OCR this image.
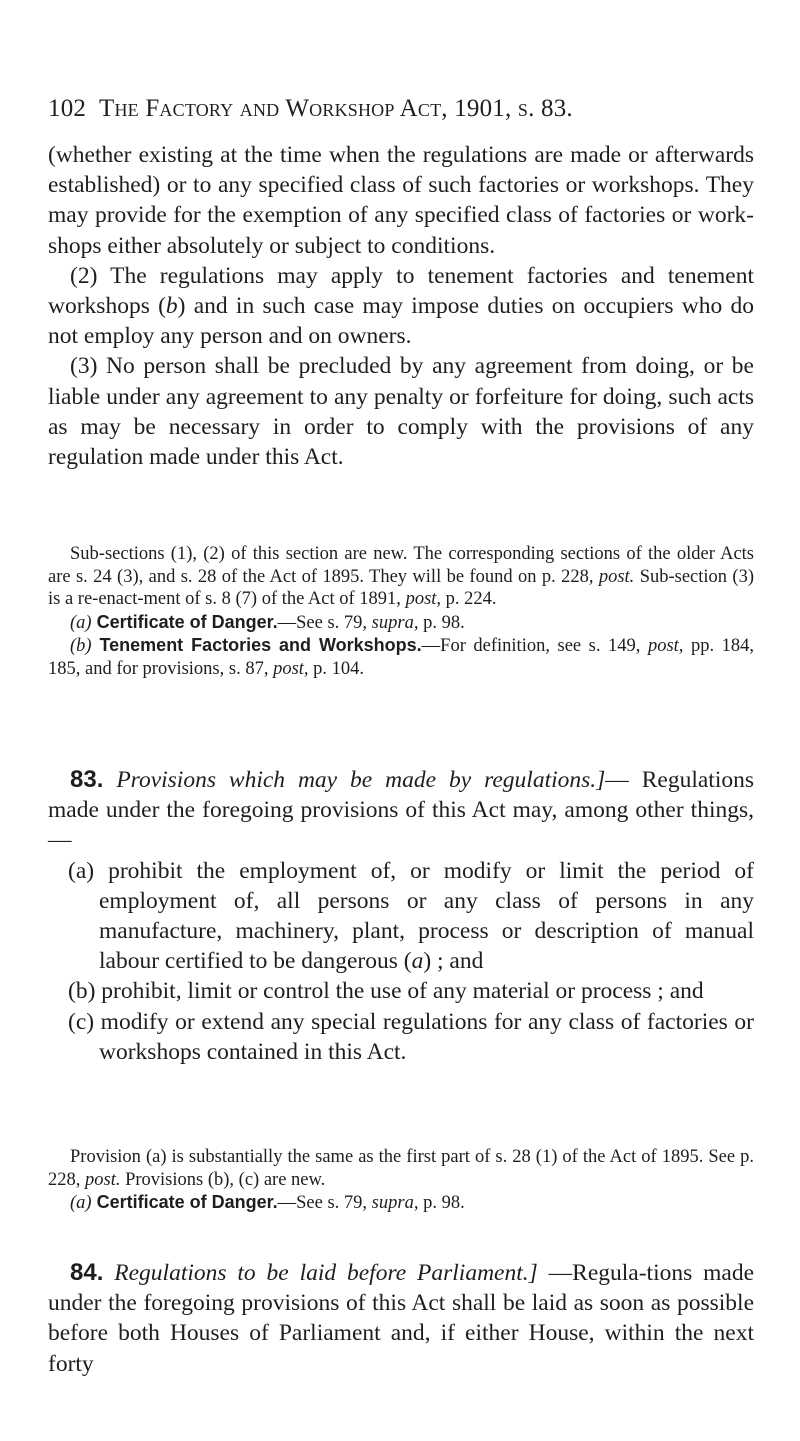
102 The Factory and Workshop Act, 1901, s. 83.

(whether existing at the time when the regulations are made or afterwards established) or to any specified class of such factories or workshops. They may provide for the exemption of any specified class of factories or work-shops either absolutely or subject to conditions.

(2) The regulations may apply to tenement factories and tenement workshops (b) and in such case may impose duties on occupiers who do not employ any person and on owners.

(3) No person shall be precluded by any agreement from doing, or be liable under any agreement to any penalty or forfeiture for doing, such acts as may be necessary in order to comply with the provisions of any regulation made under this Act.

Sub-sections (1), (2) of this section are new. The corresponding sections of the older Acts are s. 24 (3), and s. 28 of the Act of 1895. They will be found on p. 228, post. Sub-section (3) is a re-enact-ment of s. 8 (7) of the Act of 1891, post, p. 224.

(a) Certificate of Danger.—See s. 79, supra, p. 98.

(b) Tenement Factories and Workshops.—For definition, see s. 149, post, pp. 184, 185, and for provisions, s. 87, post, p. 104.

83. Provisions which may be made by regulations.]— Regulations made under the foregoing provisions of this Act may, among other things,—

(a) prohibit the employment of, or modify or limit the period of employment of, all persons or any class of persons in any manufacture, machinery, plant, process or description of manual labour certified to be dangerous (a) ; and

(b) prohibit, limit or control the use of any material or process ; and

(c) modify or extend any special regulations for any class of factories or workshops contained in this Act.

Provision (a) is substantially the same as the first part of s. 28 (1) of the Act of 1895. See p. 228, post. Provisions (b), (c) are new.

(a) Certificate of Danger.—See s. 79, supra, p. 98.

84. Regulations to be laid before Parliament.] —Regula-tions made under the foregoing provisions of this Act shall be laid as soon as possible before both Houses of Parliament and, if either House, within the next forty
